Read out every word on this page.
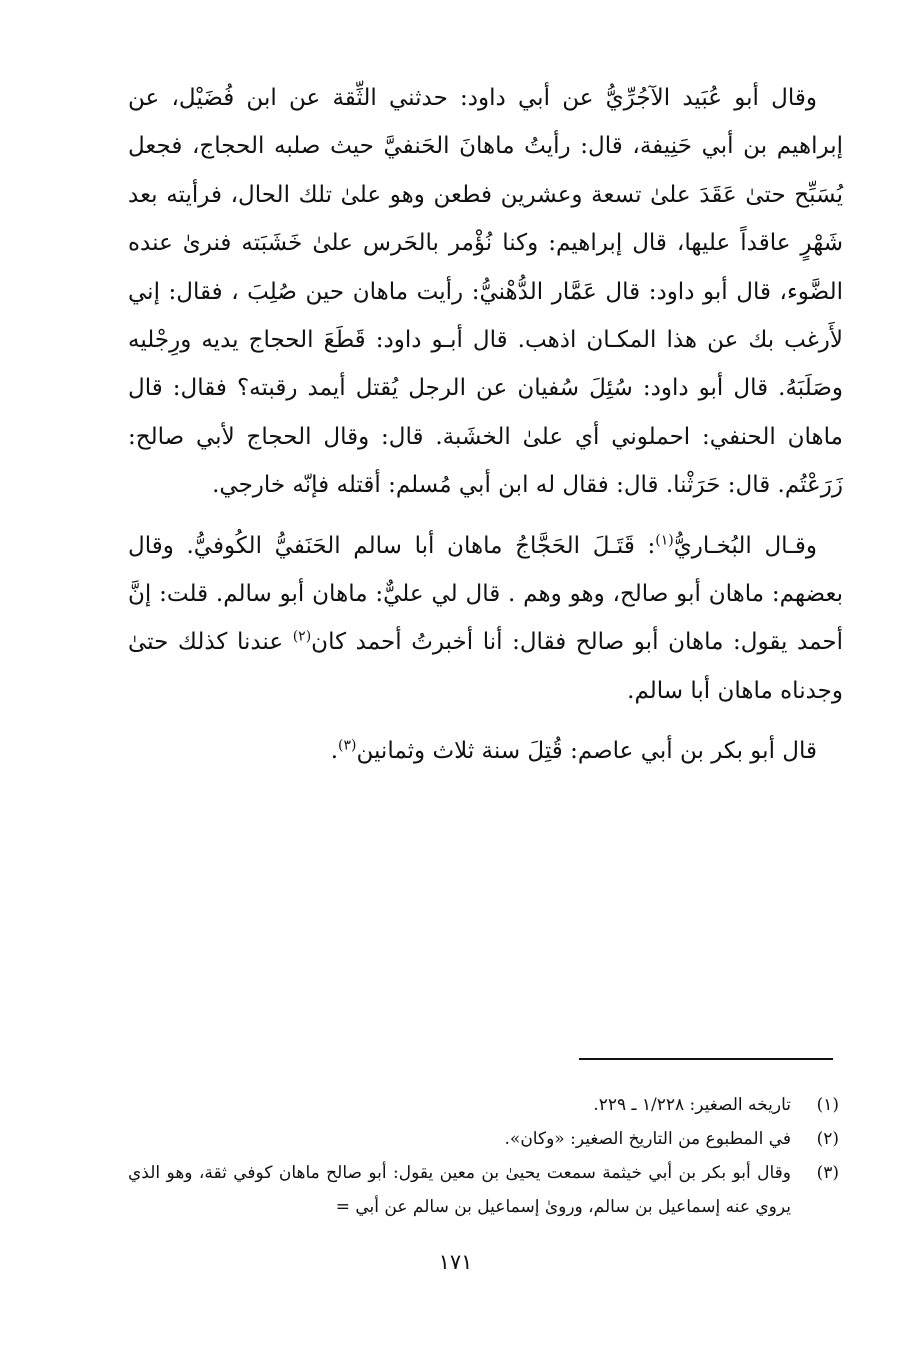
وقال أبو عُبَيد الآجُرِّيُّ عن أبي داود: حدثني الثِّقة عن ابن فُضَيْل، عن إبراهيم بن أبي حَنِيفة، قال: رأيتُ ماهانَ الحَنفيَّ حيث صلبه الحجاج، فجعل يُسَبِّح حتىٰ عَقَدَ علىٰ تسعة وعشرين فطعن وهو علىٰ تلك الحال، فرأيته بعد شَهْرٍ عاقداً عليها، قال إبراهيم: وكنا نُؤْمر بالحَرس علىٰ خَشَبَته فنرىٰ عنده الضَّوء، قال أبو داود: قال عَمَّار الدُّهْنيُّ: رأيت ماهان حين صُلِبَ ، فقال: إني لأَرغب بك عن هذا المكـان اذهب. قال أبـو داود: قَطَعَ الحجاج يديه ورِجْليه وصَلَبَهُ. قال أبو داود: سُئِلَ سُفيان عن الرجل يُقتل أيمد رقبته؟ فقال: قال ماهان الحنفي: احملوني أي علىٰ الخشَبة. قال: وقال الحجاج لأبي صالح: زَرَعْتُم. قال: حَرَثْنا. قال: فقال له ابن أبي مُسلم: أقتله فإنّه خارجي.

وقـال البُخـاريُّ$^{(١)}$: قَتَـلَ الحَجَّاجُ ماهان أبا سالم الحَنَفيُّ الكُوفيُّ. وقال بعضهم: ماهان أبو صالح، وهو وهم . قال لي عليٌّ: ماهان أبو سالم. قلت: إنَّ أحمد يقول: ماهان أبو صالح فقال: أنا أخبرتُ أحمد كان$^{(٢)}$ عندنا كذلك حتىٰ وجدناه ماهان أبا سالم.

قال أبو بكر بن أبي عاصم: قُتِلَ سنة ثلاث وثمانين$^{(٣)}$.

(١)
تاريخه الصغير: ١/٢٢٨ ـ ٢٢٩.
(٢)
في المطبوع من التاريخ الصغير: «وكان».
(٣)
وقال أبو بكر بن أبي خيثمة سمعت يحيىٰ بن معين يقول: أبو صالح ماهان كوفي ثقة، وهو الذي يروي عنه إسماعيل بن سالم، وروىٰ إسماعيل بن سالم عن أبي =
١٧١
